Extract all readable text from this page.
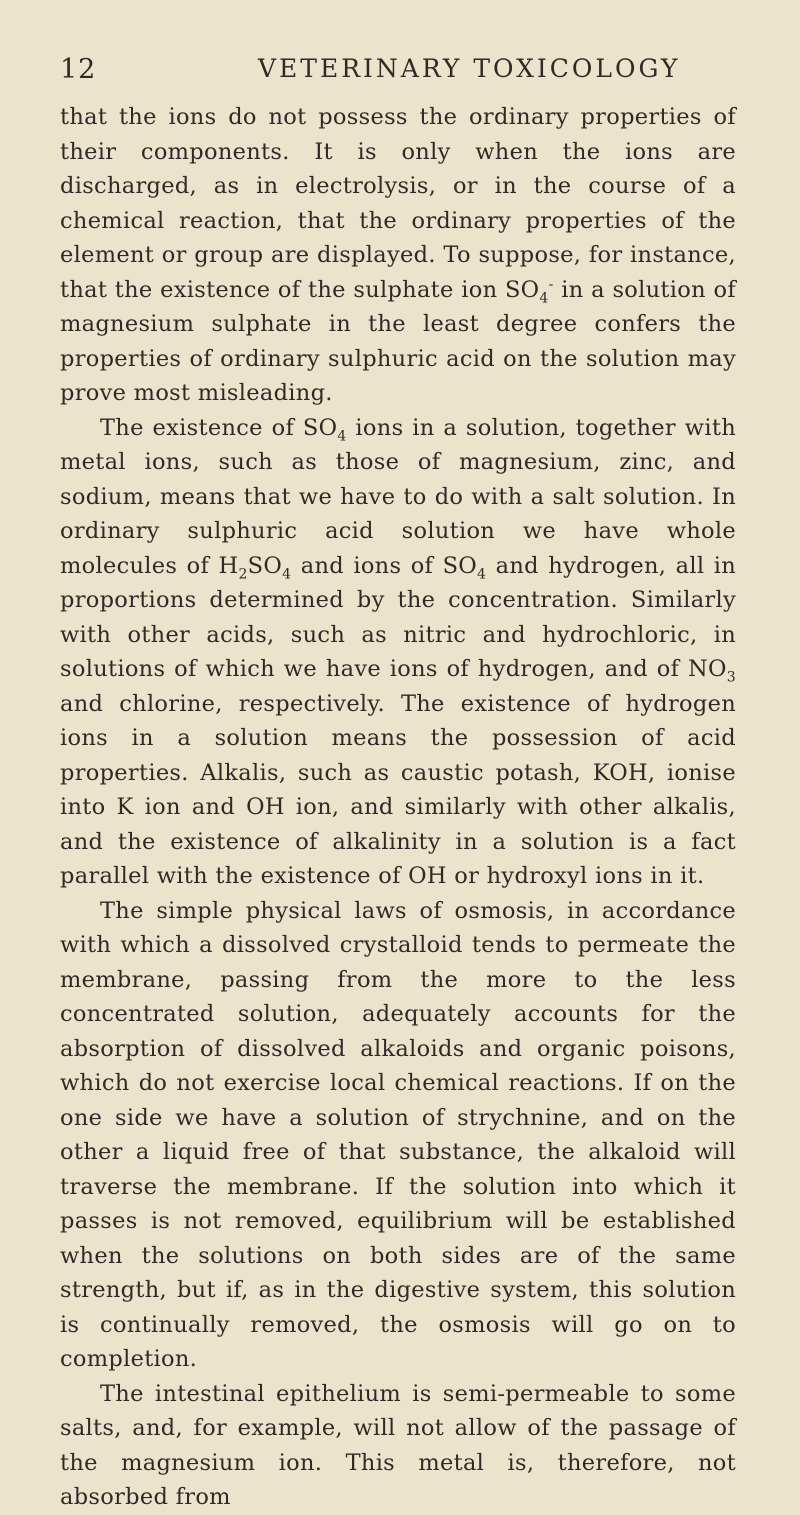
12	VETERINARY TOXICOLOGY

that the ions do not possess the ordinary properties of their components. It is only when the ions are discharged, as in electrolysis, or in the course of a chemical reaction, that the ordinary properties of the element or group are displayed. To suppose, for instance, that the existence of the sulphate ion $SO_4^-$ in a solution of magnesium sulphate in the least degree confers the properties of ordinary sulphuric acid on the solution may prove most misleading.

The existence of $SO_4$ ions in a solution, together with metal ions, such as those of magnesium, zinc, and sodium, means that we have to do with a salt solution. In ordinary sulphuric acid solution we have whole molecules of $H_2SO_4$ and ions of $SO_4$ and hydrogen, all in proportions determined by the concentration. Similarly with other acids, such as nitric and hydrochloric, in solutions of which we have ions of hydrogen, and of $NO_3$ and chlorine, respectively. The existence of hydrogen ions in a solution means the possession of acid properties. Alkalis, such as caustic potash, KOH, ionise into K ion and OH ion, and similarly with other alkalis, and the existence of alkalinity in a solution is a fact parallel with the existence of OH or hydroxyl ions in it.

The simple physical laws of osmosis, in accordance with which a dissolved crystalloid tends to permeate the membrane, passing from the more to the less concentrated solution, adequately accounts for the absorption of dissolved alkaloids and organic poisons, which do not exercise local chemical reactions. If on the one side we have a solution of strychnine, and on the other a liquid free of that substance, the alkaloid will traverse the membrane. If the solution into which it passes is not removed, equilibrium will be established when the solutions on both sides are of the same strength, but if, as in the digestive system, this solution is continually removed, the osmosis will go on to completion.

The intestinal epithelium is semi-permeable to some salts, and, for example, will not allow of the passage of the magnesium ion. This metal is, therefore, not absorbed from
